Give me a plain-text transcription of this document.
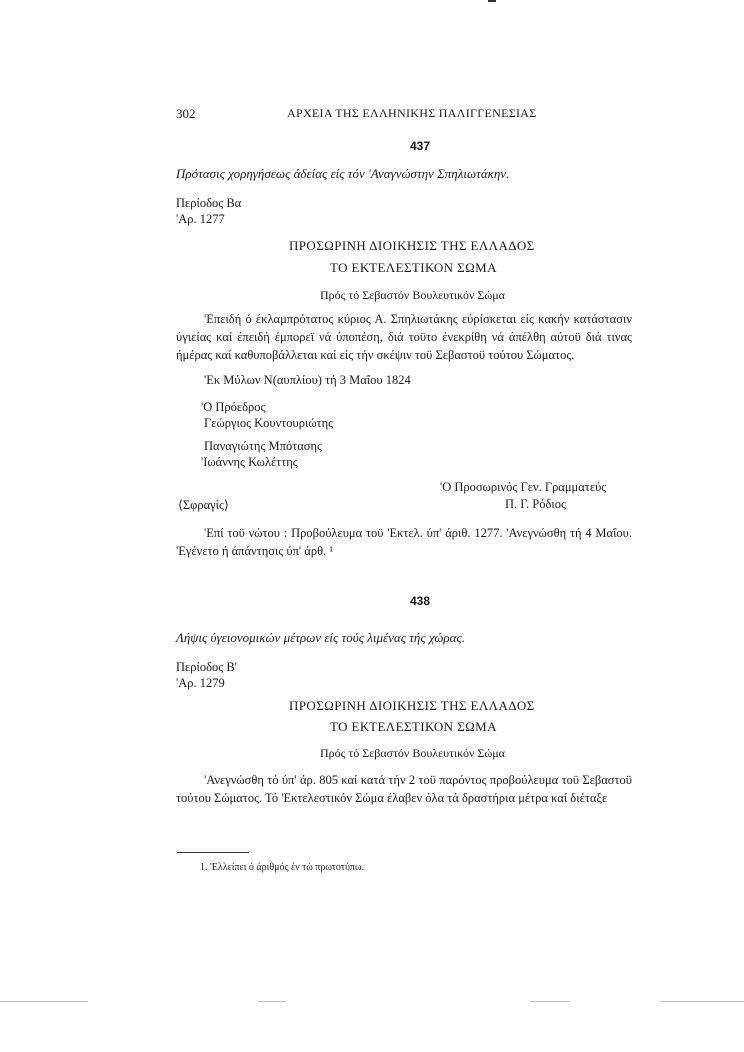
302	ΑΡΧΕΙΑ ΤΗΣ ΕΛΛΗΝΙΚΗΣ ΠΑΛΙΓΓΕΝΕΣΙΑΣ
437
Πρότασις χορηγήσεως άδείας είς τόν 'Αναγνώστην Σπηλιωτάκην.
Περίοδος Βα
'Αρ. 1277
ΠΡΟΣΩΡΙΝΗ ΔΙΟΙΚΗΣΙΣ ΤΗΣ ΕΛΛΑΔΟΣ
ΤΟ ΕΚΤΕΛΕΣΤΙΚΟΝ ΣΩΜΑ
Πρός τό Σεβαστόν Βουλευτικόν Σώμα
'Επειδή ό έκλαμπρότατος κύριος Α. Σπηλιωτάκης εύρίσκεται είς κακήν κατάστασιν ύγιείας καί έπειδή έμπορεϊ νά ύποπέση, διά τοϋτο ένεκρίθη νά άπέλθη αύτοϋ διά τινας ήμέρας καί καθυποβάλλεται καί είς τήν σκέψιν τοϋ Σεβαστοϋ τούτου Σώματος.
'Εκ Μύλων Ν(αυπλίου) τή 3 Μαΐου 1824
'Ο Πρόεδρος
Γεώργιος Κουντουριώτης
Παναγιώτης Μπότασης
'Ιωάννης Κωλέττης
'Ο Προσωρινός Γεν. Γραμματεύς
⟨Σφραγίς⟩	Π. Γ. Ρόδιος
'Επί τοϋ νώτου : Προβούλευμα τοϋ 'Εκτελ. ύπ' άριθ. 1277. 'Ανεγνώσθη τή 4 Μαΐου. 'Εγένετο ή άπάντησις ύπ' άρθ. ¹
438
Λήψις ύγειονομικών μέτρων είς τούς λιμένας τής χώρας.
Περίοδος Β'
'Αρ. 1279
ΠΡΟΣΩΡΙΝΗ ΔΙΟΙΚΗΣΙΣ ΤΗΣ ΕΛΛΑΔΟΣ
ΤΟ ΕΚΤΕΛΕΣΤΙΚΟΝ ΣΩΜΑ
Πρός τό Σεβαστόν Βουλευτικόν Σώμα
'Ανεγνώσθη τό ύπ' άρ. 805 καί κατά τήν 2 τοϋ παρόντος προβούλευμα τοϋ Σεβαστοϋ τούτου Σώματος. Τό 'Εκτελεστικόν Σώμα έλαβεν όλα τά δραστήρια μέτρα καί διέταξε
1. 'Ελλείπει ό άριθμός έν τώ πρωτοτύπω.
